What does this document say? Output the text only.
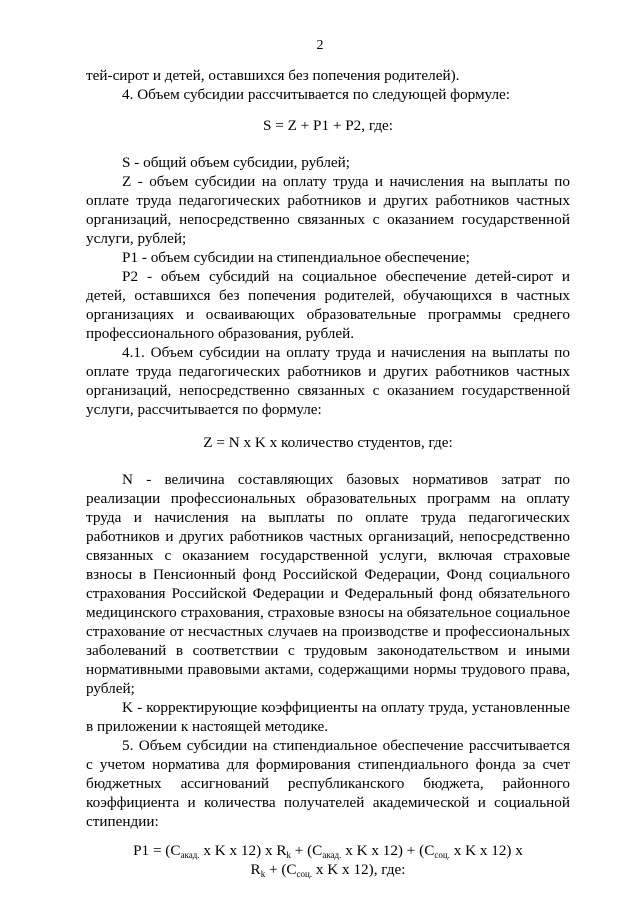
2

тей-сирот и детей, оставшихся без попечения родителей).

4. Объем субсидии рассчитывается по следующей формуле:

S = Z + P1 + P2, где:

S - общий объем субсидии, рублей;

Z - объем субсидии на оплату труда и начисления на выплаты по оплате труда педагогических работников и других работников частных организаций, непосредственно связанных с оказанием государственной услуги, рублей;

P1 - объем субсидии на стипендиальное обеспечение;

P2 - объем субсидий на социальное обеспечение детей-сирот и детей, оставшихся без попечения родителей, обучающихся в частных организациях и осваивающих образовательные программы среднего профессионального образования, рублей.

4.1. Объем субсидии на оплату труда и начисления на выплаты по оплате труда педагогических работников и других работников частных организаций, непосредственно связанных с оказанием государственной услуги, рассчитывается по формуле:

Z = N x K x количество студентов, где:

N - величина составляющих базовых нормативов затрат по реализации профессиональных образовательных программ на оплату труда и начисления на выплаты по оплате труда педагогических работников и других работников частных организаций, непосредственно связанных с оказанием государственной услуги, включая страховые взносы в Пенсионный фонд Российской Федерации, Фонд социального страхования Российской Федерации и Федеральный фонд обязательного медицинского страхования, страховые взносы на обязательное социальное страхование от несчастных случаев на производстве и профессиональных заболеваний в соответствии с трудовым законодательством и иными нормативными правовыми актами, содержащими нормы трудового права, рублей;

K - корректирующие коэффициенты на оплату труда, установленные в приложении к настоящей методике.

5. Объем субсидии на стипендиальное обеспечение рассчитывается с учетом норматива для формирования стипендиального фонда за счет бюджетных ассигнований республиканского бюджета, районного коэффициента и количества получателей академической и социальной стипендии:

$P1 = (C_{акад.}$ x K x 12) x $R_k + (C_{акад.}$ x K x $12) + (C_{соц.}$ x K x 12) x
$R_k + (C_{соц.}$ x K x 12), где:
